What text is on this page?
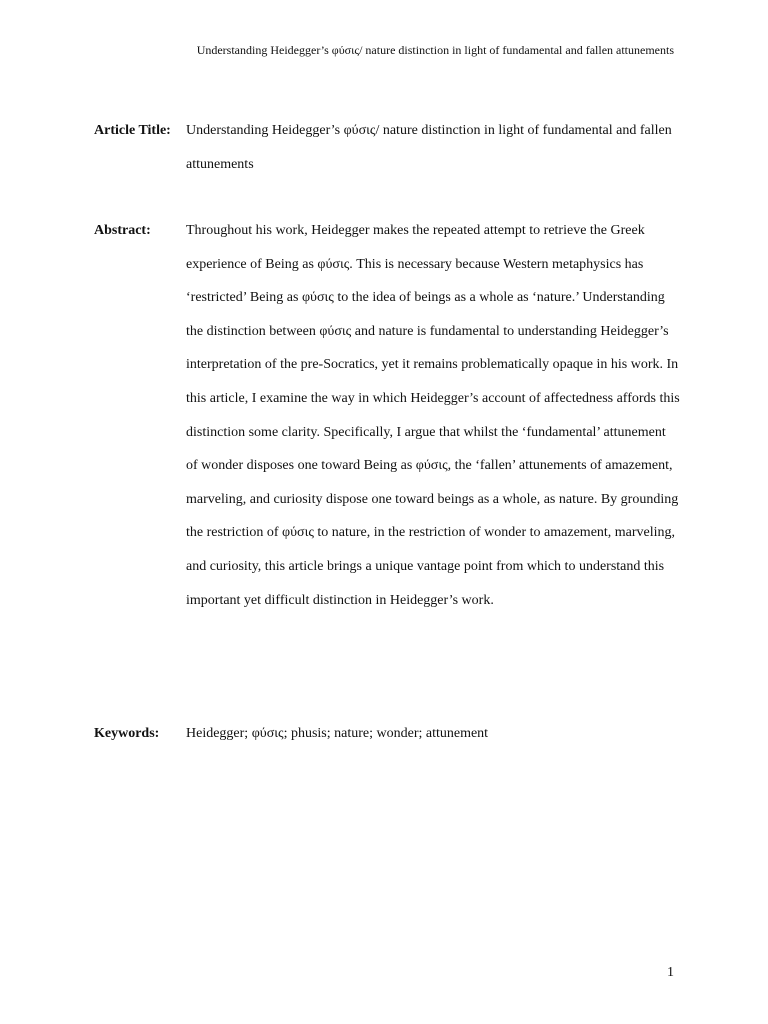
Understanding Heidegger’s φύσις/ nature distinction in light of fundamental and fallen attunements
Article Title:	Understanding Heidegger’s φύσις/ nature distinction in light of fundamental and fallen attunements
Abstract:	Throughout his work, Heidegger makes the repeated attempt to retrieve the Greek experience of Being as φύσις. This is necessary because Western metaphysics has ‘restricted’ Being as φύσις to the idea of beings as a whole as ‘nature.’ Understanding the distinction between φύσις and nature is fundamental to understanding Heidegger’s interpretation of the pre-Socratics, yet it remains problematically opaque in his work. In this article, I examine the way in which Heidegger’s account of affectedness affords this distinction some clarity. Specifically, I argue that whilst the ‘fundamental’ attunement of wonder disposes one toward Being as φύσις, the ‘fallen’ attunements of amazement, marveling, and curiosity dispose one toward beings as a whole, as nature. By grounding the restriction of φύσις to nature, in the restriction of wonder to amazement, marveling, and curiosity, this article brings a unique vantage point from which to understand this important yet difficult distinction in Heidegger’s work.
Keywords:	Heidegger; φύσις; phusis; nature; wonder; attunement
1
